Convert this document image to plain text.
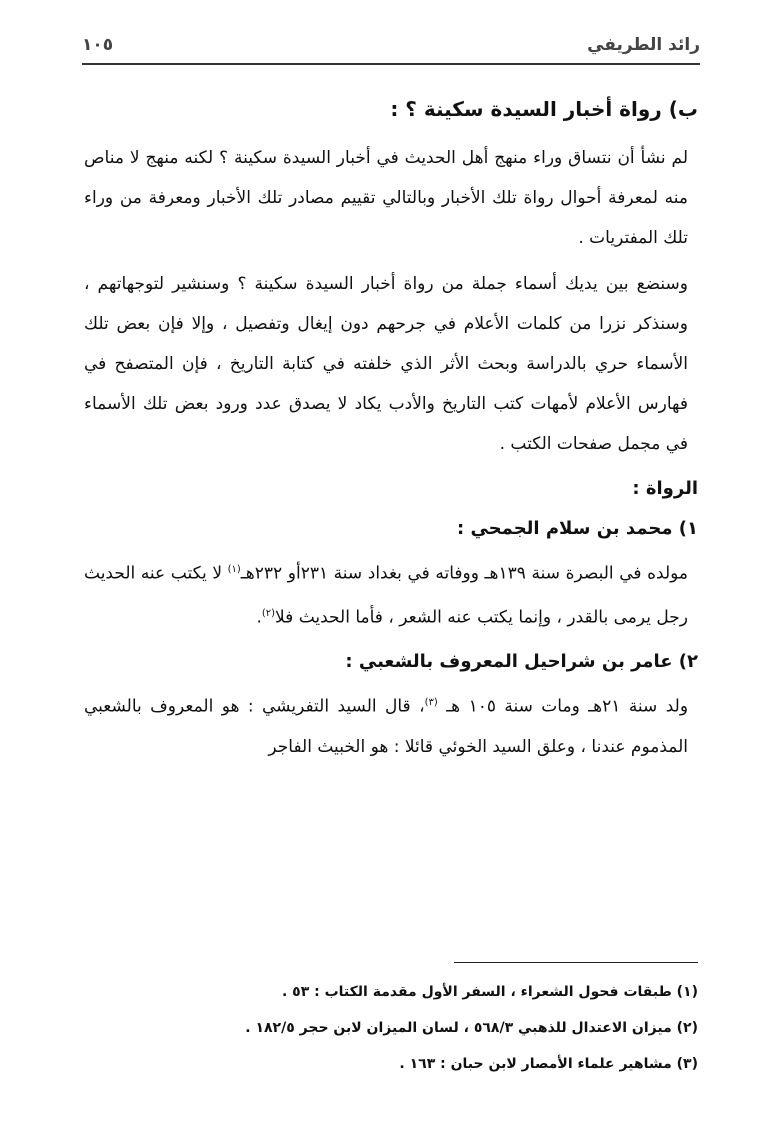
رائد الطريفي
١٠٥

ب) رواة أخبار السيدة سكينة ؟ :

لم نشأ أن نتساق وراء منهج أهل الحديث في أخبار السيدة سكينة ؟ لكنه منهج لا مناص منه لمعرفة أحوال رواة تلك الأخبار وبالتالي تقييم مصادر تلك الأخبار ومعرفة من وراء تلك المفتريات .

وسنضع بين يديك أسماء جملة من رواة أخبار السيدة سكينة ؟ وسنشير لتوجهاتهم ، وسنذكر نزرا من كلمات الأعلام في جرحهم دون إيغال وتفصيل ، وإلا فإن بعض تلك الأسماء حري بالدراسة وبحث الأثر الذي خلفته في كتابة التاريخ ، فإن المتصفح في فهارس الأعلام لأمهات كتب التاريخ والأدب يكاد لا يصدق عدد ورود بعض تلك الأسماء في مجمل صفحات الكتب .

الرواة :

١) محمد بن سلام الجمحي :

مولده في البصرة سنة ١٣٩هـ ووفاته في بغداد سنة ٢٣١أو ٢٣٢هـ$^{(١)}$ لا يكتب عنه الحديث رجل يرمى بالقدر ، وإنما يكتب عنه الشعر ، فأما الحديث فلا$^{(٢)}$.

٢) عامر بن شراحيل المعروف بالشعبي :

ولد سنة ٢١هـ ومات سنة ١٠٥ هـ $^{(٣)}$، قال السيد التفريشي : هو المعروف بالشعبي المذموم عندنا ، وعلق السيد الخوئي قائلا : هو الخبيث الفاجر

(١) طبقات فحول الشعراء ، السفر الأول مقدمة الكتاب : ٥٣ .

(٢) ميزان الاعتدال للذهبي ٥٦٨/٣ ، لسان الميزان لابن حجر ١٨٢/٥ .

(٣) مشاهير علماء الأمصار لابن حبان : ١٦٣ .
